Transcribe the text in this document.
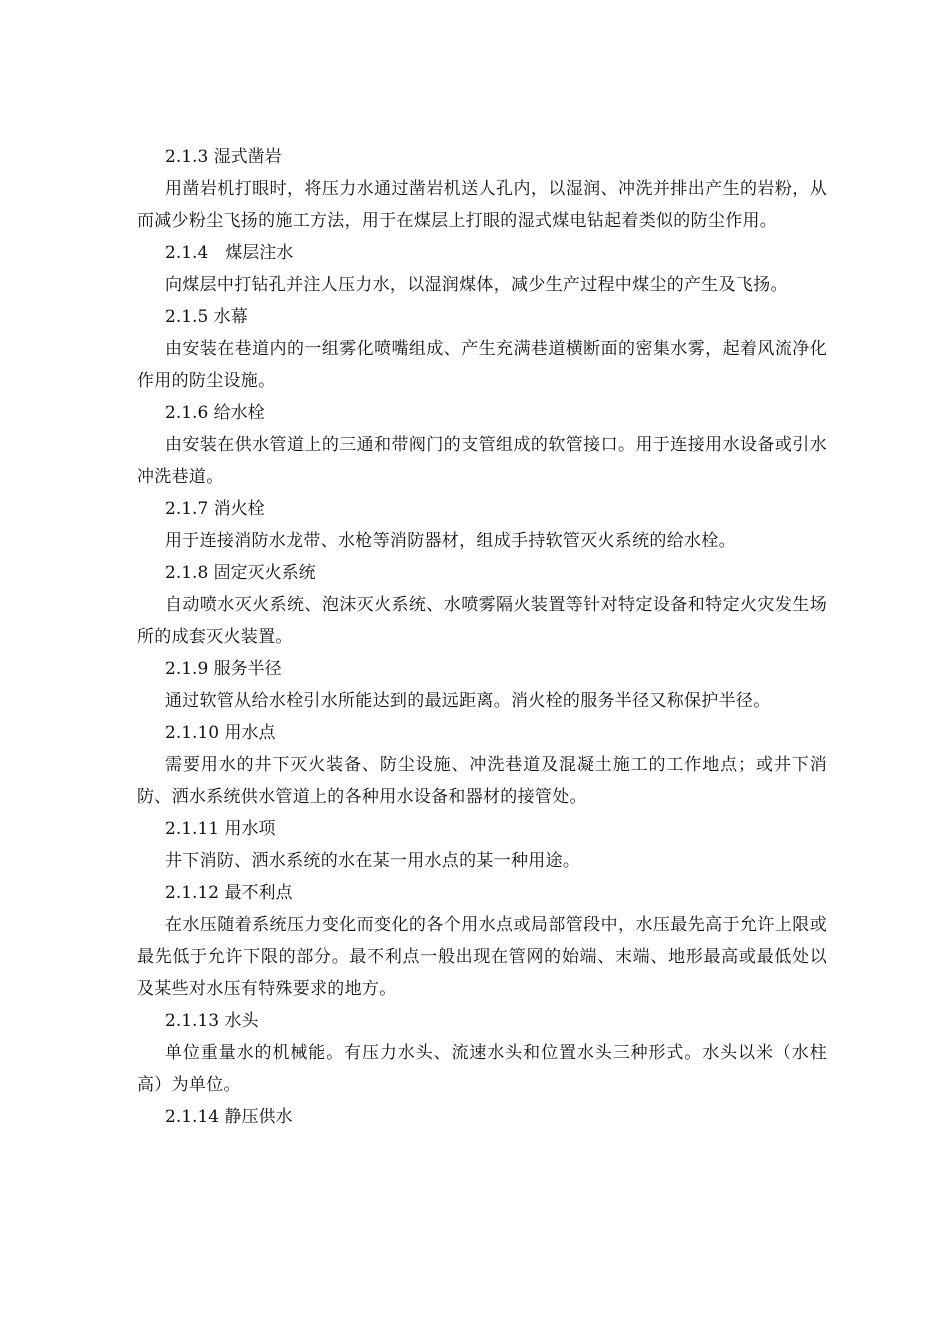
2.1.3 湿式凿岩

用凿岩机打眼时，将压力水通过凿岩机送人孔内，以湿润、冲洗并排出产生的岩粉，从而减少粉尘飞扬的施工方法，用于在煤层上打眼的湿式煤电钻起着类似的防尘作用。

2.1.4　煤层注水

向煤层中打钻孔并注人压力水，以湿润煤体，减少生产过程中煤尘的产生及飞扬。

2.1.5 水幕

由安装在巷道内的一组雾化喷嘴组成、产生充满巷道横断面的密集水雾，起着风流净化作用的防尘设施。

2.1.6 给水栓

由安装在供水管道上的三通和带阀门的支管组成的软管接口。用于连接用水设备或引水冲洗巷道。

2.1.7 消火栓

用于连接消防水龙带、水枪等消防器材，组成手持软管灭火系统的给水栓。

2.1.8 固定灭火系统

自动喷水灭火系统、泡沫灭火系统、水喷雾隔火装置等针对特定设备和特定火灾发生场所的成套灭火装置。

2.1.9 服务半径

通过软管从给水栓引水所能达到的最远距离。消火栓的服务半径又称保护半径。

2.1.10 用水点

需要用水的井下灭火装备、防尘设施、冲洗巷道及混凝土施工的工作地点；或井下消防、洒水系统供水管道上的各种用水设备和器材的接管处。

2.1.11 用水项

井下消防、洒水系统的水在某一用水点的某一种用途。

2.1.12 最不利点

在水压随着系统压力变化而变化的各个用水点或局部管段中，水压最先高于允许上限或最先低于允许下限的部分。最不利点一般出现在管网的始端、末端、地形最高或最低处以及某些对水压有特殊要求的地方。

2.1.13 水头

单位重量水的机械能。有压力水头、流速水头和位置水头三种形式。水头以米（水柱高）为单位。

2.1.14 静压供水
